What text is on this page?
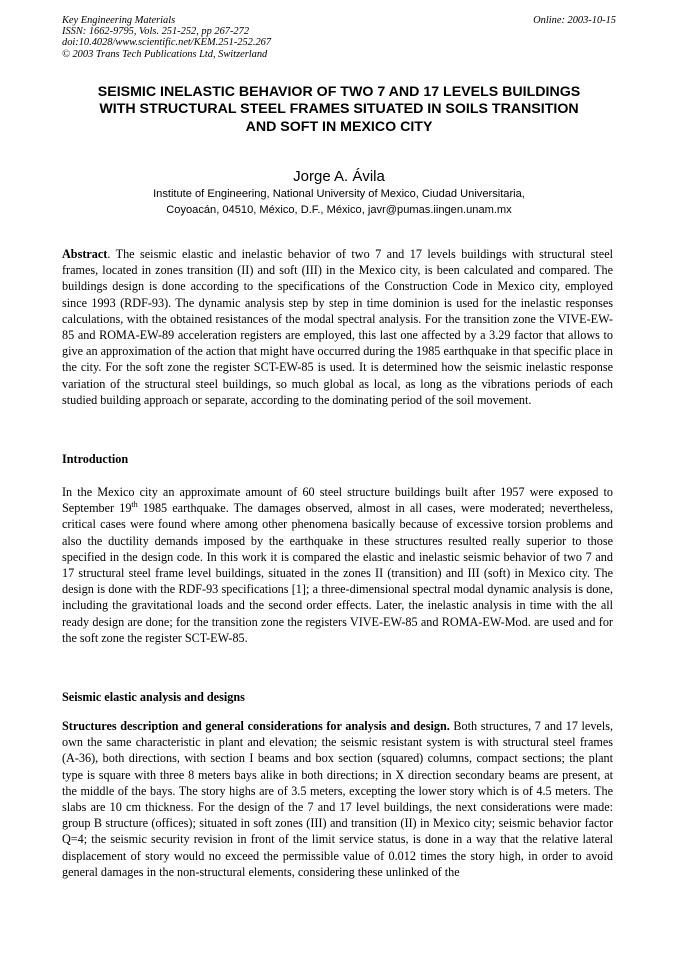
Key Engineering Materials
ISSN: 1662-9795, Vols. 251-252, pp 267-272
doi:10.4028/www.scientific.net/KEM.251-252.267
© 2003 Trans Tech Publications Ltd, Switzerland
Online: 2003-10-15
SEISMIC INELASTIC BEHAVIOR OF TWO 7 AND 17 LEVELS BUILDINGS
WITH STRUCTURAL STEEL FRAMES SITUATED IN SOILS TRANSITION
AND SOFT IN MEXICO CITY
Jorge A. Ávila
Institute of Engineering, National University of Mexico, Ciudad Universitaria,
Coyoacán, 04510, México, D.F., México, javr@pumas.iingen.unam.mx
Abstract. The seismic elastic and inelastic behavior of two 7 and 17 levels buildings with structural steel frames, located in zones transition (II) and soft (III) in the Mexico city, is been calculated and compared. The buildings design is done according to the specifications of the Construction Code in Mexico city, employed since 1993 (RDF-93). The dynamic analysis step by step in time dominion is used for the inelastic responses calculations, with the obtained resistances of the modal spectral analysis. For the transition zone the VIVE-EW-85 and ROMA-EW-89 acceleration registers are employed, this last one affected by a 3.29 factor that allows to give an approximation of the action that might have occurred during the 1985 earthquake in that specific place in the city. For the soft zone the register SCT-EW-85 is used. It is determined how the seismic inelastic response variation of the structural steel buildings, so much global as local, as long as the vibrations periods of each studied building approach or separate, according to the dominating period of the soil movement.
Introduction
In the Mexico city an approximate amount of 60 steel structure buildings built after 1957 were exposed to September 19th 1985 earthquake. The damages observed, almost in all cases, were moderated; nevertheless, critical cases were found where among other phenomena basically because of excessive torsion problems and also the ductility demands imposed by the earthquake in these structures resulted really superior to those specified in the design code. In this work it is compared the elastic and inelastic seismic behavior of two 7 and 17 structural steel frame level buildings, situated in the zones II (transition) and III (soft) in Mexico city. The design is done with the RDF-93 specifications [1]; a three-dimensional spectral modal dynamic analysis is done, including the gravitational loads and the second order effects. Later, the inelastic analysis in time with the all ready design are done; for the transition zone the registers VIVE-EW-85 and ROMA-EW-Mod. are used and for the soft zone the register SCT-EW-85.
Seismic elastic analysis and designs
Structures description and general considerations for analysis and design. Both structures, 7 and 17 levels, own the same characteristic in plant and elevation; the seismic resistant system is with structural steel frames (A-36), both directions, with section I beams and box section (squared) columns, compact sections; the plant type is square with three 8 meters bays alike in both directions; in X direction secondary beams are present, at the middle of the bays. The story highs are of 3.5 meters, excepting the lower story which is of 4.5 meters. The slabs are 10 cm thickness. For the design of the 7 and 17 level buildings, the next considerations were made: group B structure (offices); situated in soft zones (III) and transition (II) in Mexico city; seismic behavior factor Q=4; the seismic security revision in front of the limit service status, is done in a way that the relative lateral displacement of story would no exceed the permissible value of 0.012 times the story high, in order to avoid general damages in the non-structural elements, considering these unlinked of the
